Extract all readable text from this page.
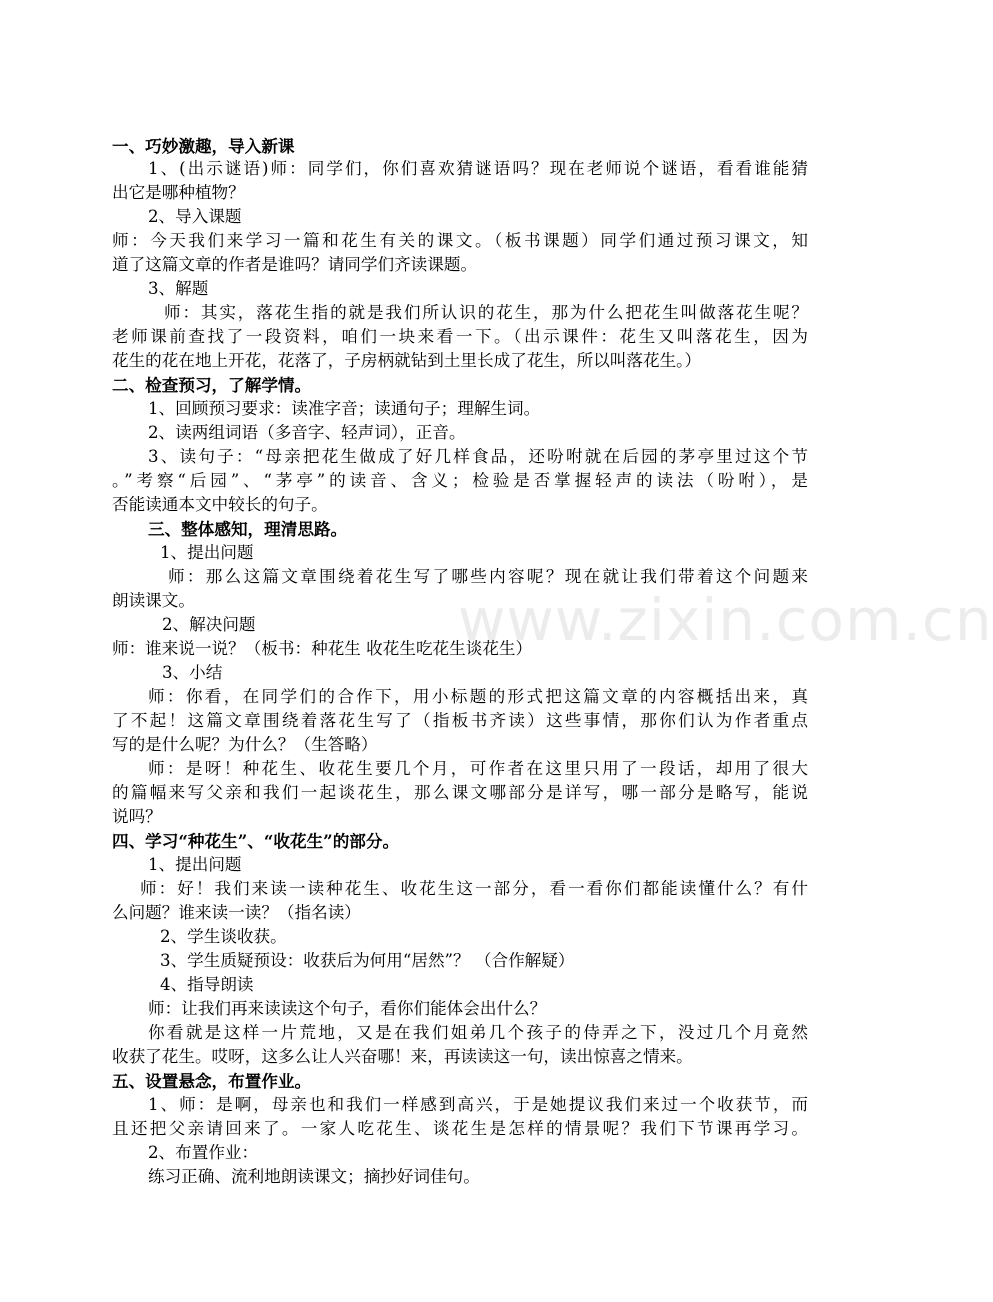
一、巧妙激趣，导入新课
1、(出示谜语)师：同学们，你们喜欢猜谜语吗？现在老师说个谜语，看看谁能猜
出它是哪种植物？
2、导入课题
师：今天我们来学习一篇和花生有关的课文。（板书课题）同学们通过预习课文，知
道了这篇文章的作者是谁吗？请同学们齐读课题。
3、解题
师：其实，落花生指的就是我们所认识的花生，那为什么把花生叫做落花生呢？
老师课前查找了一段资料，咱们一块来看一下。（出示课件：花生又叫落花生，因为
花生的花在地上开花，花落了，子房柄就钻到土里长成了花生，所以叫落花生。）
二、检查预习，了解学情。
1、回顾预习要求：读准字音；读通句子；理解生词。
2、读两组词语（多音字、轻声词），正音。
3、读句子：“母亲把花生做成了好几样食品，还吩咐就在后园的茅亭里过这个节
。”考察“后园”、“茅亭”的读音、含义；检验是否掌握轻声的读法（吩咐），是
否能读通本文中较长的句子。
三、整体感知，理清思路。
1、提出问题
师：那么这篇文章围绕着花生写了哪些内容呢？现在就让我们带着这个问题来
朗读课文。
2、解决问题
师：谁来说一说？（板书：种花生 收花生吃花生谈花生）
3、小结
师：你看，在同学们的合作下，用小标题的形式把这篇文章的内容概括出来，真
了不起！这篇文章围绕着落花生写了（指板书齐读）这些事情，那你们认为作者重点
写的是什么呢？为什么？（生答略）
师：是呀！种花生、收花生要几个月，可作者在这里只用了一段话，却用了很大
的篇幅来写父亲和我们一起谈花生，那么课文哪部分是详写，哪一部分是略写，能说
说吗？
四、学习“种花生”、“收花生”的部分。
1、提出问题
师：好！我们来读一读种花生、收花生这一部分，看一看你们都能读懂什么？有什
么问题？谁来读一读？（指名读）
2、学生谈收获。
3、学生质疑预设：收获后为何用“居然”？ （合作解疑）
4、指导朗读
师：让我们再来读读这个句子，看你们能体会出什么？
你看就是这样一片荒地，又是在我们姐弟几个孩子的侍弄之下，没过几个月竟然
收获了花生。哎呀，这多么让人兴奋哪！来，再读读这一句，读出惊喜之情来。
五、设置悬念，布置作业。
1、师：是啊，母亲也和我们一样感到高兴，于是她提议我们来过一个收获节，而
且还把父亲请回来了。一家人吃花生、谈花生是怎样的情景呢？我们下节课再学习。
2、布置作业：
练习正确、流利地朗读课文；摘抄好词佳句。
www.zixin.com.cn
